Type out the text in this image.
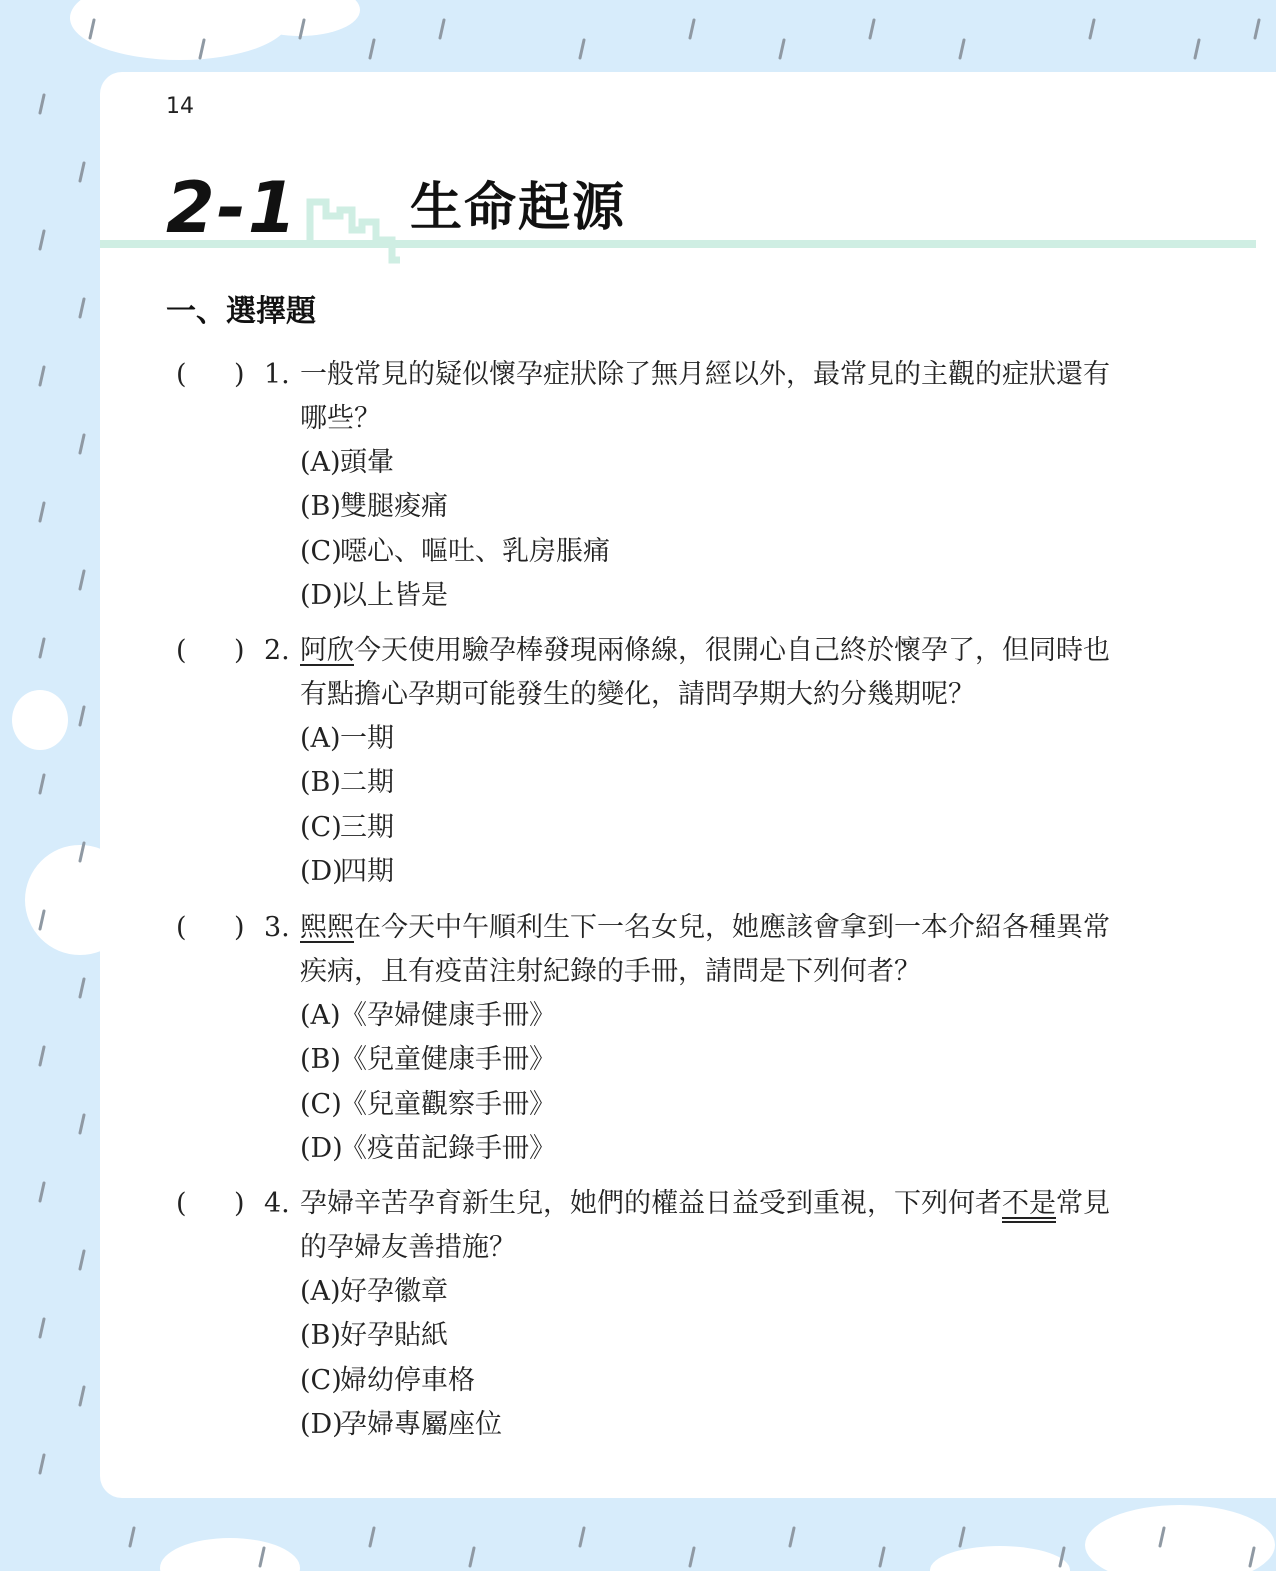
14
2-1 生命起源
一、選擇題
( ) 1. 一般常見的疑似懷孕症狀除了無月經以外，最常見的主觀的症狀還有哪些？
(A)頭暈
(B)雙腿痠痛
(C)噁心、嘔吐、乳房脹痛
(D)以上皆是
( ) 2. 阿欣今天使用驗孕棒發現兩條線，很開心自己終於懷孕了，但同時也有點擔心孕期可能發生的變化，請問孕期大約分幾期呢？
(A)一期
(B)二期
(C)三期
(D)四期
( ) 3. 熙熙在今天中午順利生下一名女兒，她應該會拿到一本介紹各種異常疾病，且有疫苗注射紀錄的手冊，請問是下列何者？
(A)《孕婦健康手冊》
(B)《兒童健康手冊》
(C)《兒童觀察手冊》
(D)《疫苗記錄手冊》
( ) 4. 孕婦辛苦孕育新生兒，她們的權益日益受到重視，下列何者不是常見的孕婦友善措施？
(A)好孕徽章
(B)好孕貼紙
(C)婦幼停車格
(D)孕婦專屬座位
